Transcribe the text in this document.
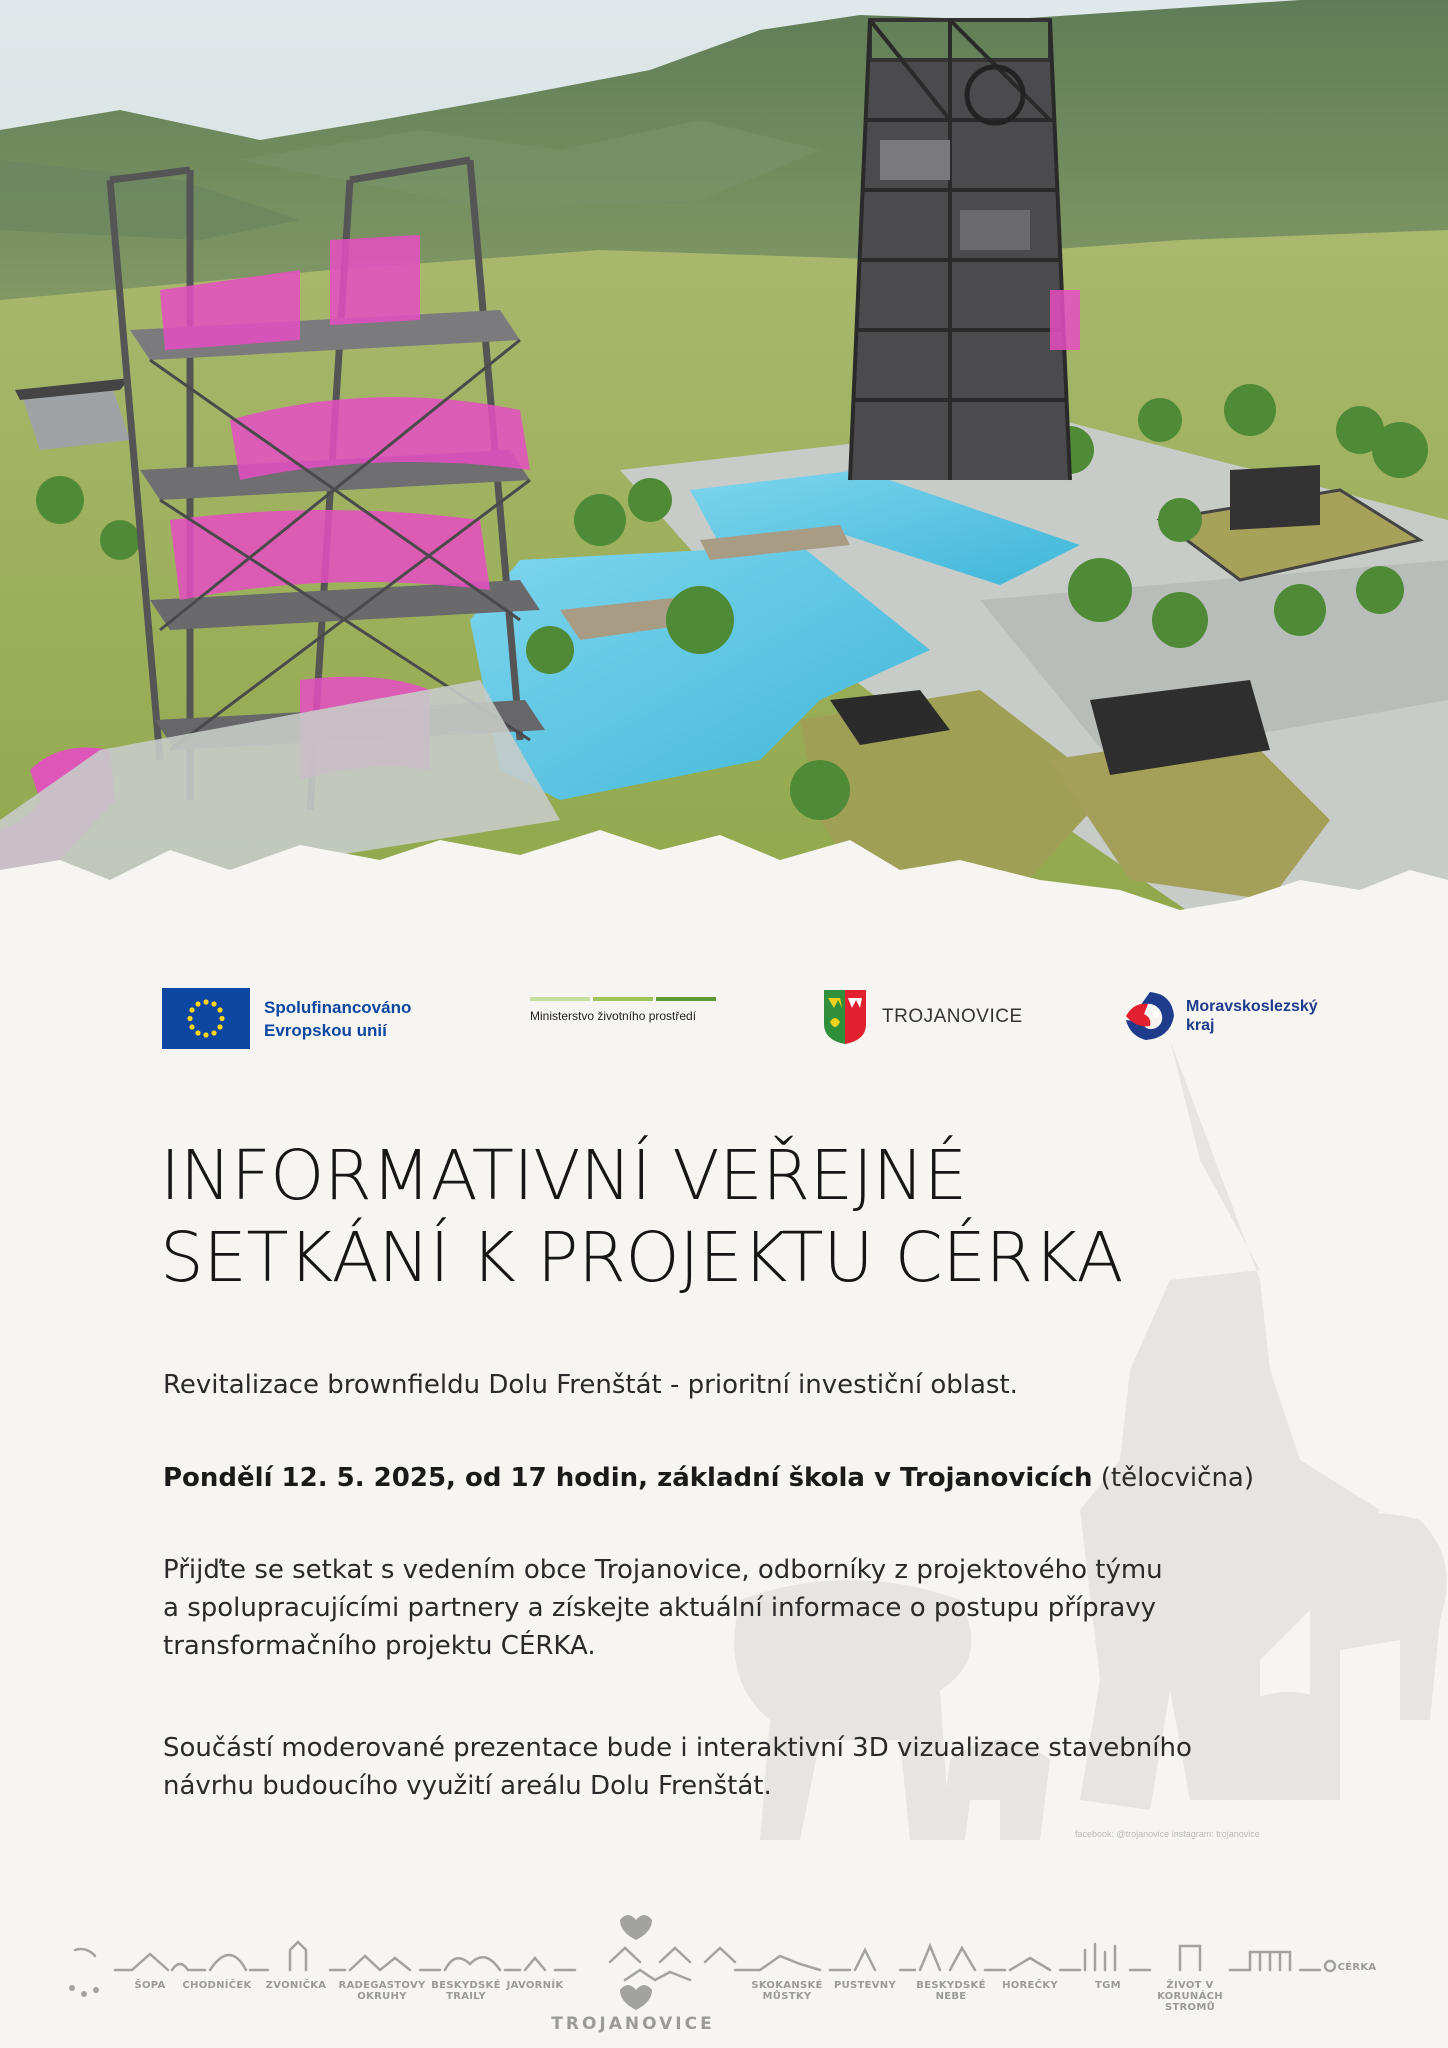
facebook: @trojanovice instagram: trojanovice
Spolufinancováno
Evropskou unií
Ministerstvo životního prostředí	TROJANOVICE	Moravskoslezský
kraj
INFORMATIVNÍ VEŘEJNÉ
SETKÁNÍ K PROJEKTU CÉRKA

Revitalizace brownfieldu Dolu Frenštát - prioritní investiční oblast.

Pondělí 12. 5. 2025, od 17 hodin, základní škola v Trojanovicích (tělocvična)

Přijďte se setkat s vedením obce Trojanovice, odborníky z projektového týmu
a spolupracujícími partnery a získejte aktuální informace o postupu přípravy
transformačního projektu CÉRKA.

Součástí moderované prezentace bude i interaktivní 3D vizualizace stavebního
návrhu budoucího využití areálu Dolu Frenštát.

ŠOPA CHODNÍČEK ZVONIČKA RADEGASTOVY
OKRUHY
BESKYDSKÉ
TRAILY
JAVORNÍK	SKOKANSKÉ
MŮSTKY
PUSTEVNY BESKYDSKÉ
NEBE
HOREČKY	TGM	ŽIVOT V
KORUNÁCH
STROMŮ
CÉRKA
TROJANOVICE
